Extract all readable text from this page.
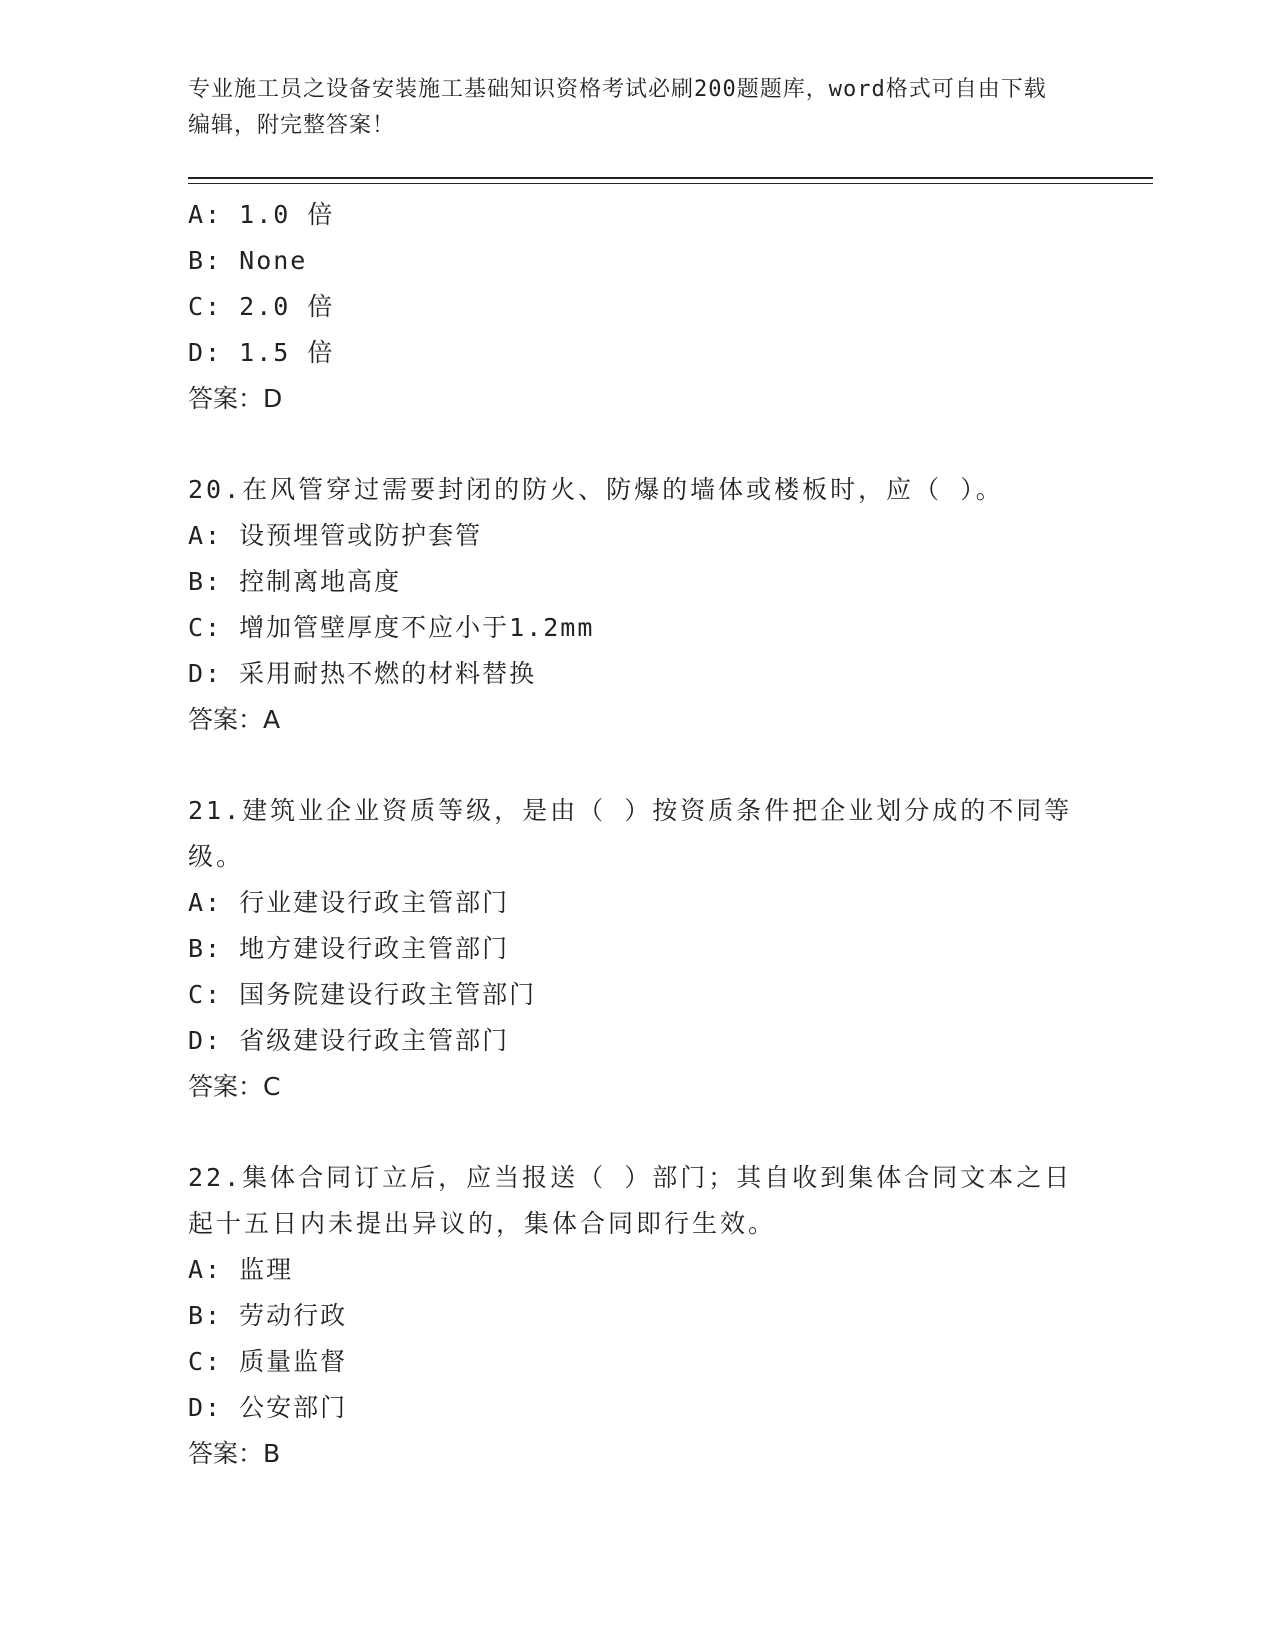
专业施工员之设备安装施工基础知识资格考试必刷200题题库，word格式可自由下载编辑，附完整答案！
A: 1.0 倍
B: None
C: 2.0 倍
D: 1.5 倍
答案：D
20.在风管穿过需要封闭的防火、防爆的墙体或楼板时，应（ ）。
A: 设预埋管或防护套管
B: 控制离地高度
C: 增加管壁厚度不应小于1.2mm
D: 采用耐热不燃的材料替换
答案：A
21.建筑业企业资质等级，是由（ ）按资质条件把企业划分成的不同等级。
A: 行业建设行政主管部门
B: 地方建设行政主管部门
C: 国务院建设行政主管部门
D: 省级建设行政主管部门
答案：C
22.集体合同订立后，应当报送（ ）部门；其自收到集体合同文本之日起十五日内未提出异议的，集体合同即行生效。
A: 监理
B: 劳动行政
C: 质量监督
D: 公安部门
答案：B
